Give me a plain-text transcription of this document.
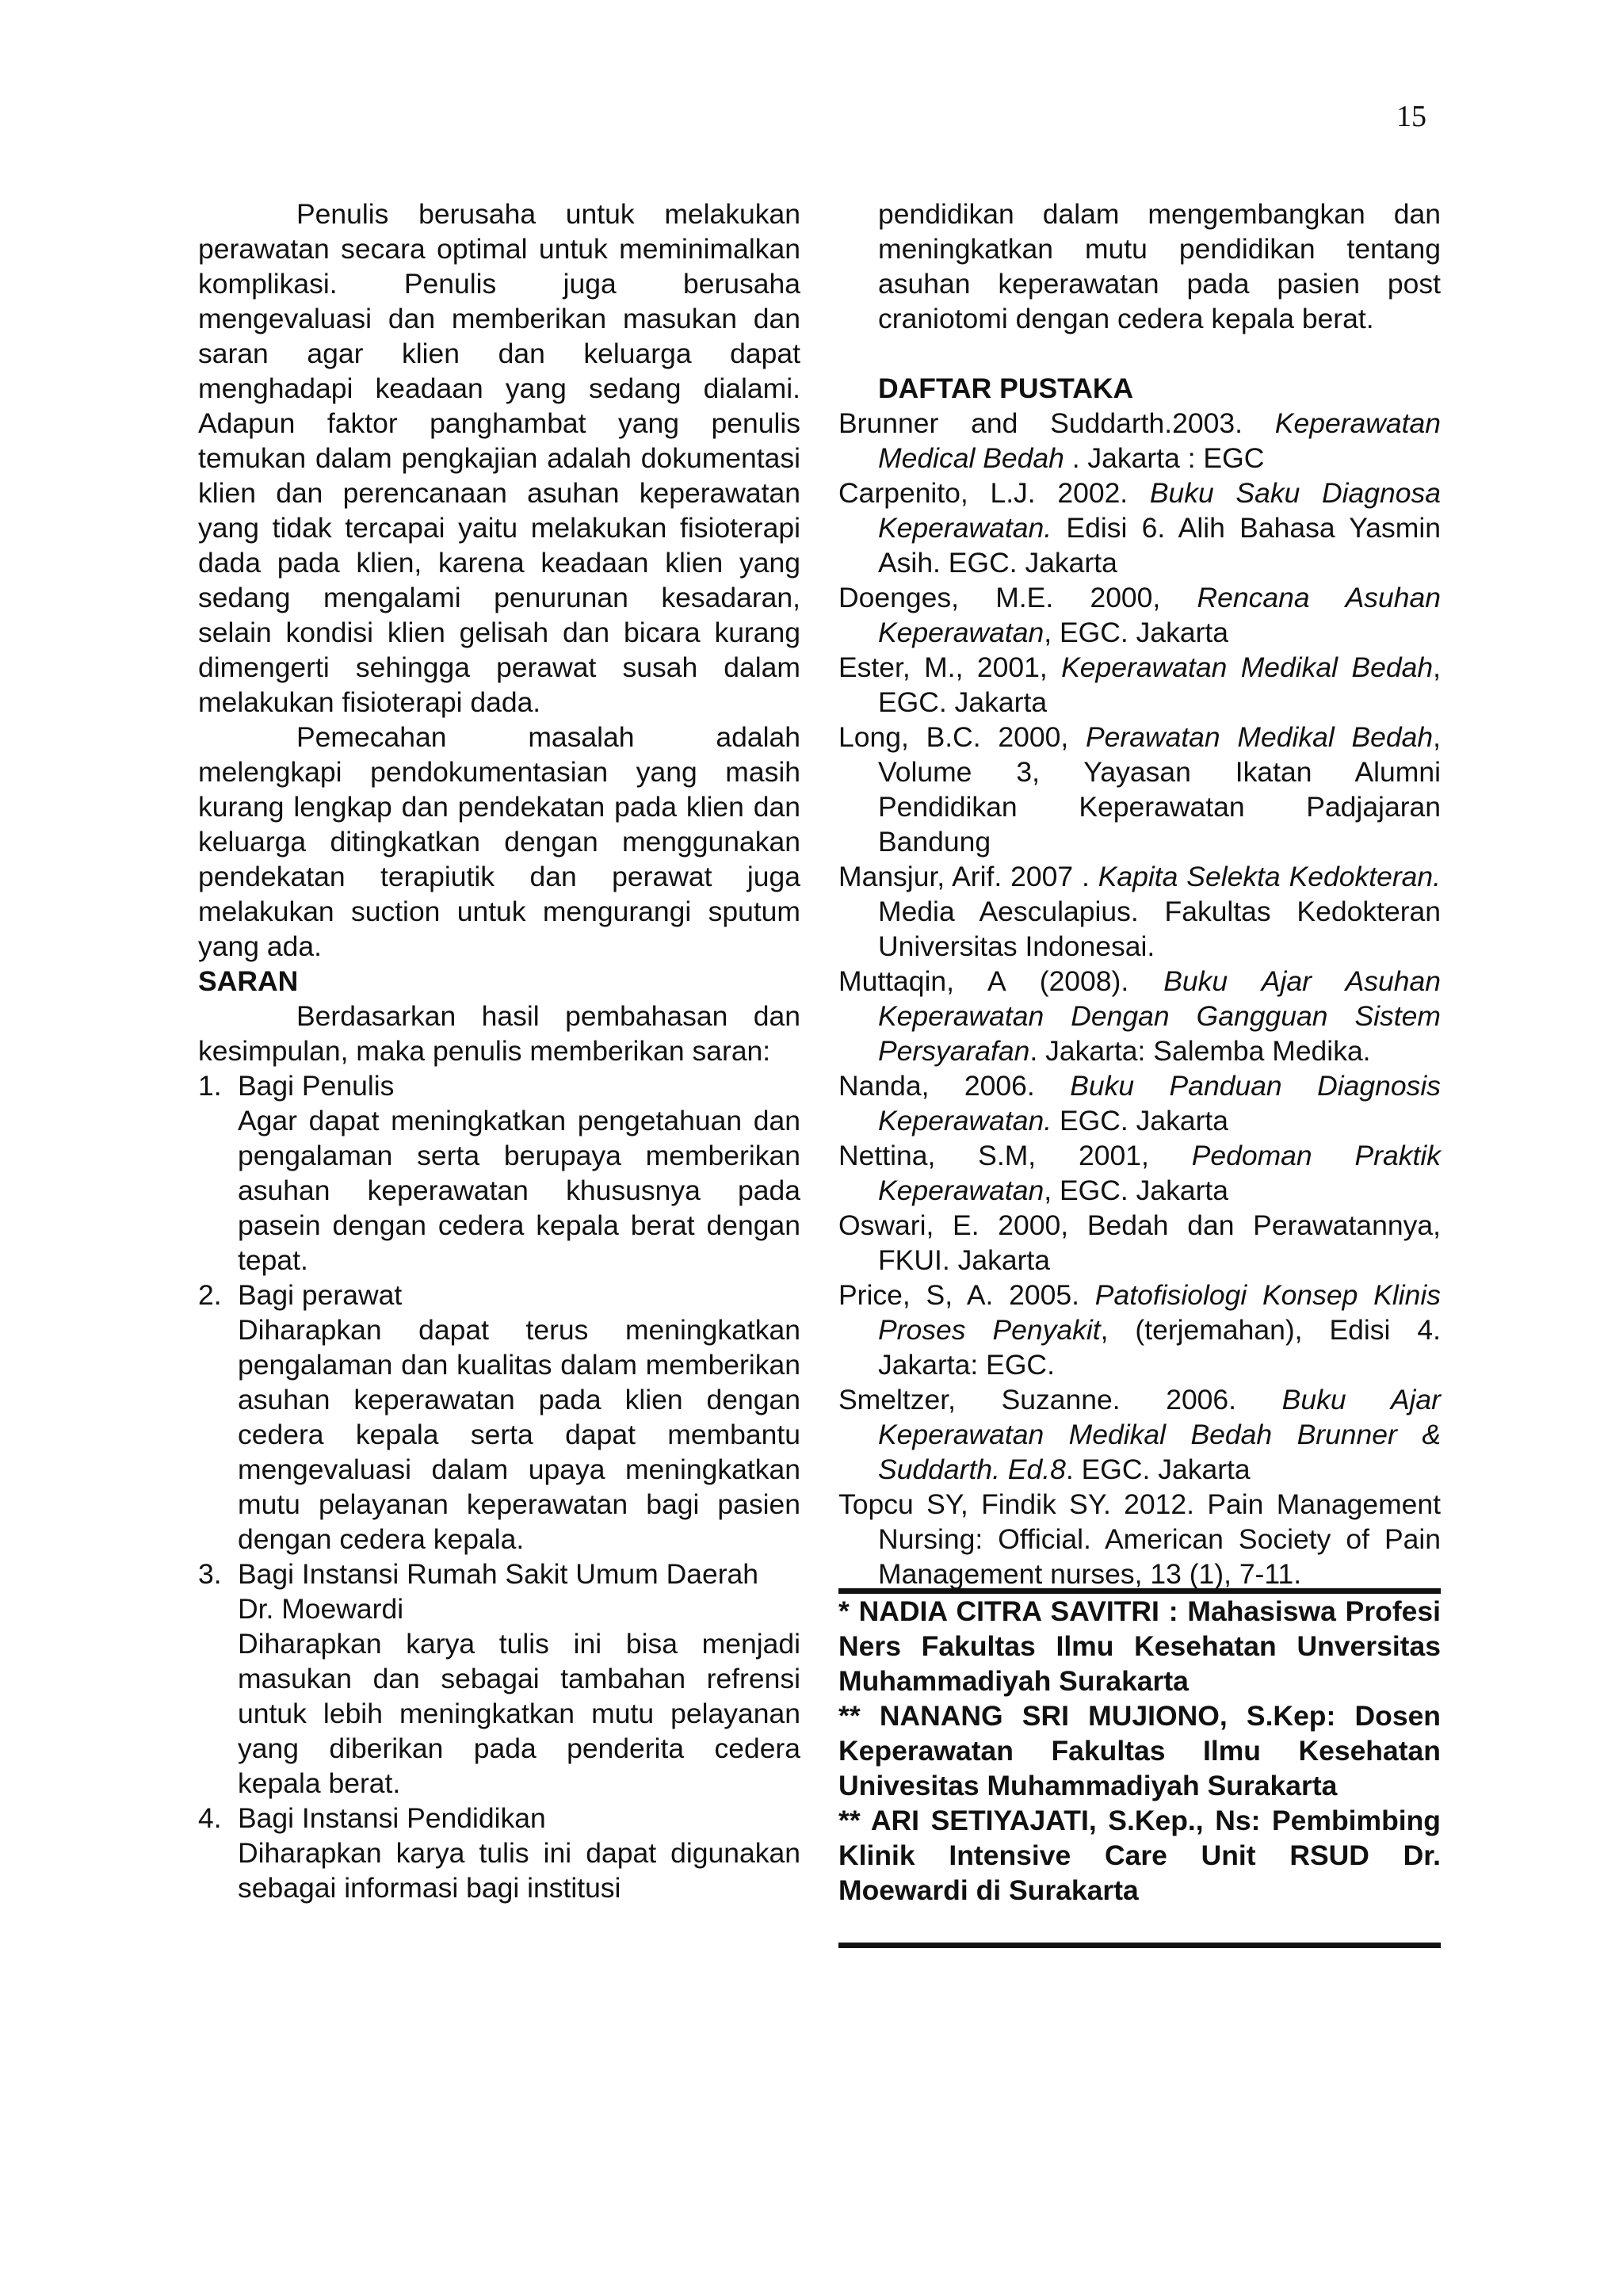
15

Penulis berusaha untuk melakukan perawatan secara optimal untuk meminimalkan komplikasi. Penulis juga berusaha mengevaluasi dan memberikan masukan dan saran agar klien dan keluarga dapat menghadapi keadaan yang sedang dialami. Adapun faktor panghambat yang penulis temukan dalam pengkajian adalah dokumentasi klien dan perencanaan asuhan keperawatan yang tidak tercapai yaitu melakukan fisioterapi dada pada klien, karena keadaan klien yang sedang mengalami penurunan kesadaran, selain kondisi klien gelisah dan bicara kurang dimengerti sehingga perawat susah dalam melakukan fisioterapi dada.

Pemecahan masalah adalah melengkapi pendokumentasian yang masih kurang lengkap dan pendekatan pada klien dan keluarga ditingkatkan dengan menggunakan pendekatan terapiutik dan perawat juga melakukan suction untuk mengurangi sputum yang ada.

SARAN

Berdasarkan hasil pembahasan dan kesimpulan, maka penulis memberikan saran:

1. Bagi Penulis
Agar dapat meningkatkan pengetahuan dan pengalaman serta berupaya memberikan asuhan keperawatan khususnya pada pasein dengan cedera kepala berat dengan tepat.
2. Bagi perawat
Diharapkan dapat terus meningkatkan pengalaman dan kualitas dalam memberikan asuhan keperawatan pada klien dengan cedera kepala serta dapat membantu mengevaluasi dalam upaya meningkatkan mutu pelayanan keperawatan bagi pasien dengan cedera kepala.
3. Bagi Instansi Rumah Sakit Umum Daerah Dr. Moewardi
Diharapkan karya tulis ini bisa menjadi masukan dan sebagai tambahan refrensi untuk lebih meningkatkan mutu pelayanan yang diberikan pada penderita cedera kepala berat.
4. Bagi Instansi Pendidikan
Diharapkan karya tulis ini dapat digunakan sebagai informasi bagi institusi

pendidikan dalam mengembangkan dan meningkatkan mutu pendidikan tentang asuhan keperawatan pada pasien post craniotomi dengan cedera kepala berat.

DAFTAR PUSTAKA

Brunner and Suddarth.2003. Keperawatan Medical Bedah . Jakarta : EGC

Carpenito, L.J. 2002. Buku Saku Diagnosa Keperawatan. Edisi 6. Alih Bahasa Yasmin Asih. EGC. Jakarta

Doenges, M.E. 2000, Rencana Asuhan Keperawatan, EGC. Jakarta

Ester, M., 2001, Keperawatan Medikal Bedah, EGC. Jakarta

Long, B.C. 2000, Perawatan Medikal Bedah, Volume 3, Yayasan Ikatan Alumni Pendidikan Keperawatan Padjajaran Bandung

Mansjur, Arif. 2007 . Kapita Selekta Kedokteran. Media Aesculapius. Fakultas Kedokteran Universitas Indonesai.

Muttaqin, A (2008). Buku Ajar Asuhan Keperawatan Dengan Gangguan Sistem Persyarafan. Jakarta: Salemba Medika.

Nanda, 2006. Buku Panduan Diagnosis Keperawatan. EGC. Jakarta

Nettina, S.M, 2001, Pedoman Praktik Keperawatan, EGC. Jakarta

Oswari, E. 2000, Bedah dan Perawatannya, FKUI. Jakarta

Price, S, A. 2005. Patofisiologi Konsep Klinis Proses Penyakit, (terjemahan), Edisi 4. Jakarta: EGC.

Smeltzer, Suzanne. 2006. Buku Ajar Keperawatan Medikal Bedah Brunner & Suddarth. Ed.8. EGC. Jakarta

Topcu SY, Findik SY. 2012. Pain Management Nursing: Official. American Society of Pain Management nurses, 13 (1), 7-11.

* NADIA CITRA SAVITRI : Mahasiswa Profesi Ners Fakultas Ilmu Kesehatan Unversitas Muhammadiyah Surakarta

** NANANG SRI MUJIONO, S.Kep: Dosen Keperawatan Fakultas Ilmu Kesehatan Univesitas Muhammadiyah Surakarta

** ARI SETIYAJATI, S.Kep., Ns: Pembimbing Klinik Intensive Care Unit RSUD Dr. Moewardi di Surakarta
